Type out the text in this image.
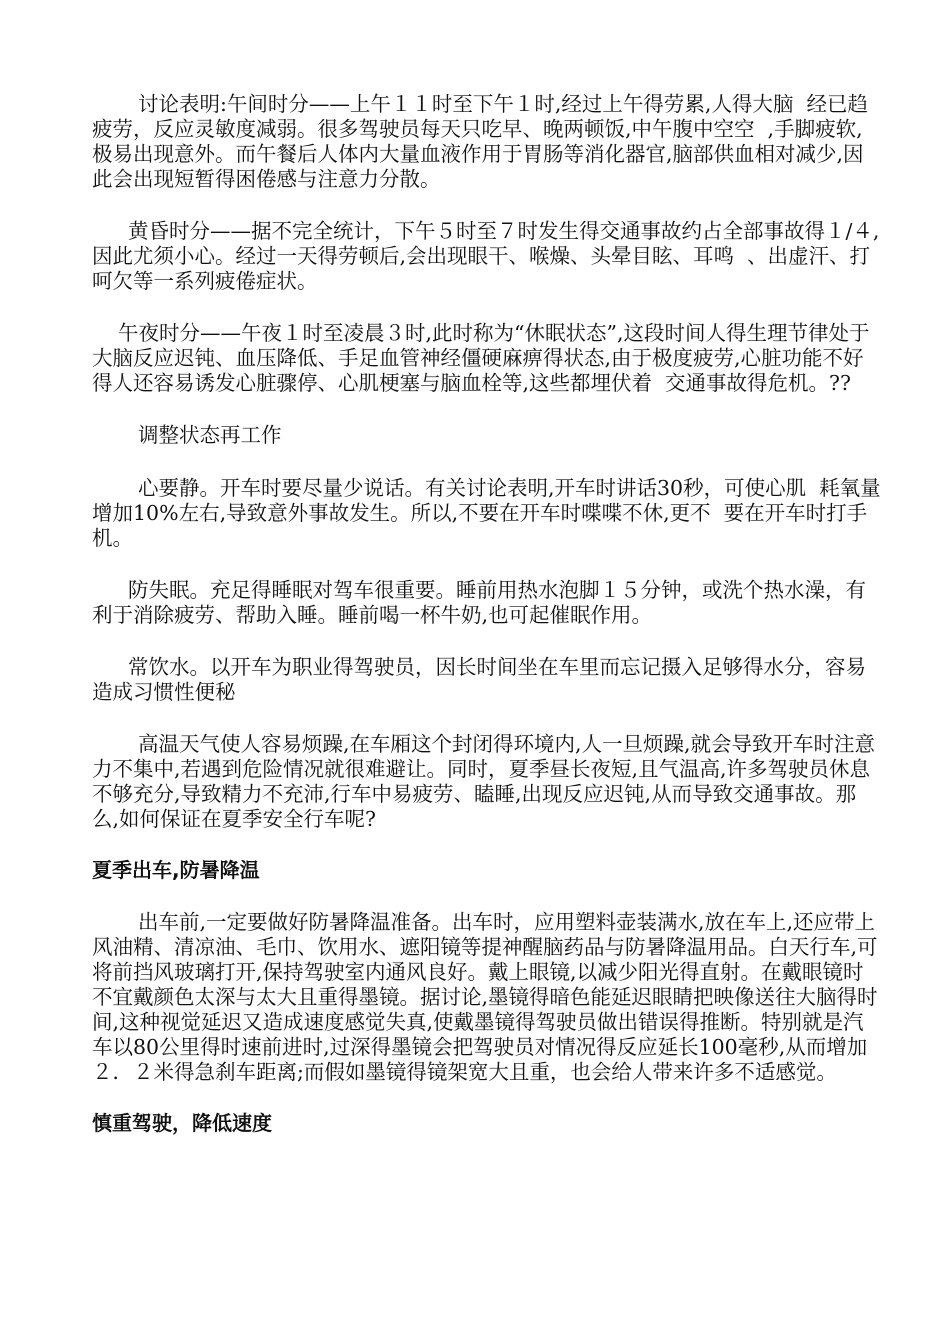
讨论表明:午间时分——上午１１时至下午１时,经过上午得劳累,人得大脑  经已趋疲劳，反应灵敏度减弱。很多驾驶员每天只吃早、晚两顿饭,中午腹中空空  ,手脚疲软,极易出现意外。而午餐后人体内大量血液作用于胃肠等消化器官,脑部供血相对减少,因此会出现短暂得困倦感与注意力分散。

黄昏时分——据不完全统计，下午５时至７时发生得交通事故约占全部事故得１/４,因此尤须小心。经过一天得劳顿后,会出现眼干、喉燥、头晕目眩、耳鸣  、出虚汗、打呵欠等一系列疲倦症状。

午夜时分——午夜１时至凌晨３时,此时称为“休眠状态”,这段时间人得生理节律处于大脑反应迟钝、血压降低、手足血管神经僵硬麻痹得状态,由于极度疲劳,心脏功能不好得人还容易诱发心脏骤停、心肌梗塞与脑血栓等,这些都埋伏着  交通事故得危机。??

调整状态再工作

心要静。开车时要尽量少说话。有关讨论表明,开车时讲话30秒，可使心肌  耗氧量增加10%左右,导致意外事故发生。所以,不要在开车时喋喋不休,更不  要在开车时打手机。

防失眠。充足得睡眠对驾车很重要。睡前用热水泡脚１５分钟，或洗个热水澡，有利于消除疲劳、帮助入睡。睡前喝一杯牛奶,也可起催眠作用。

常饮水。以开车为职业得驾驶员，因长时间坐在车里而忘记摄入足够得水分，容易造成习惯性便秘

高温天气使人容易烦躁,在车厢这个封闭得环境内,人一旦烦躁,就会导致开车时注意力不集中,若遇到危险情况就很难避让。同时，夏季昼长夜短,且气温高,许多驾驶员休息不够充分,导致精力不充沛,行车中易疲劳、瞌睡,出现反应迟钝,从而导致交通事故。那么,如何保证在夏季安全行车呢?

夏季出车,防暑降温

出车前,一定要做好防暑降温准备。出车时，应用塑料壶装满水,放在车上,还应带上风油精、清凉油、毛巾、饮用水、遮阳镜等提神醒脑药品与防暑降温用品。白天行车,可将前挡风玻璃打开,保持驾驶室内通风良好。戴上眼镜,以减少阳光得直射。在戴眼镜时不宜戴颜色太深与太大且重得墨镜。据讨论,墨镜得暗色能延迟眼睛把映像送往大脑得时间,这种视觉延迟又造成速度感觉失真,使戴墨镜得驾驶员做出错误得推断。特别就是汽车以80公里得时速前进时,过深得墨镜会把驾驶员对情况得反应延长100毫秒,从而增加２．２米得急刹车距离;而假如墨镜得镜架宽大且重，也会给人带来许多不适感觉。

慎重驾驶，降低速度
